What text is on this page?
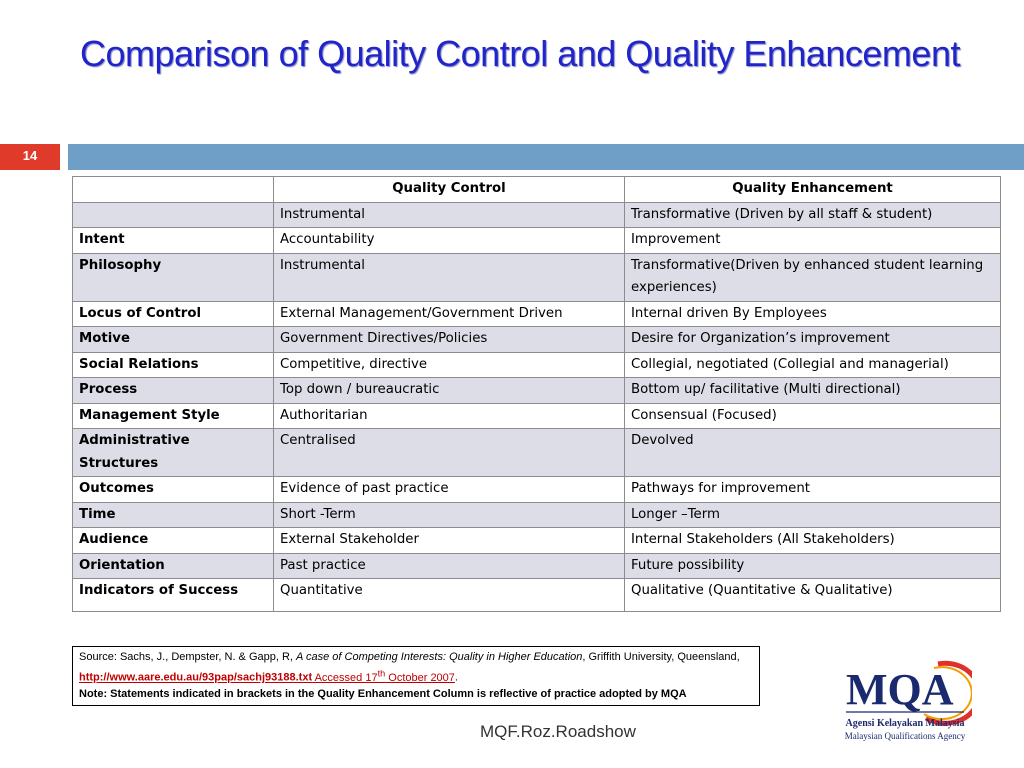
Comparison of Quality Control and Quality Enhancement
14
	Quality Control	Quality Enhancement
	Instrumental	Transformative (Driven by all staff & student)
Intent	Accountability	Improvement
Philosophy	Instrumental	Transformative(Driven by enhanced student learning experiences)
Locus of Control	External Management/Government Driven	Internal driven By Employees
Motive	Government Directives/Policies	Desire for Organization’s improvement
Social Relations	Competitive, directive	Collegial, negotiated (Collegial and managerial)
Process	Top down / bureaucratic	Bottom up/ facilitative (Multi directional)
Management Style	Authoritarian	Consensual (Focused)
Administrative Structures	Centralised	Devolved
Outcomes	Evidence of past practice	Pathways for improvement
Time	Short -Term	Longer –Term
Audience	External Stakeholder	Internal Stakeholders (All Stakeholders)
Orientation	Past practice	Future possibility
Indicators of Success	Quantitative	Qualitative (Quantitative & Qualitative)
Source: Sachs, J., Dempster, N. & Gapp, R, A case of Competing Interests: Quality in Higher Education, Griffith University, Queensland, http://www.aare.edu.au/93pap/sachj93188.txt Accessed 17th October 2007.
Note: Statements indicated in brackets in the Quality Enhancement Column is reflective of practice adopted by MQA
MQF.Roz.Roadshow
MQA
Agensi Kelayakan Malaysia
Malaysian Qualifications Agency
